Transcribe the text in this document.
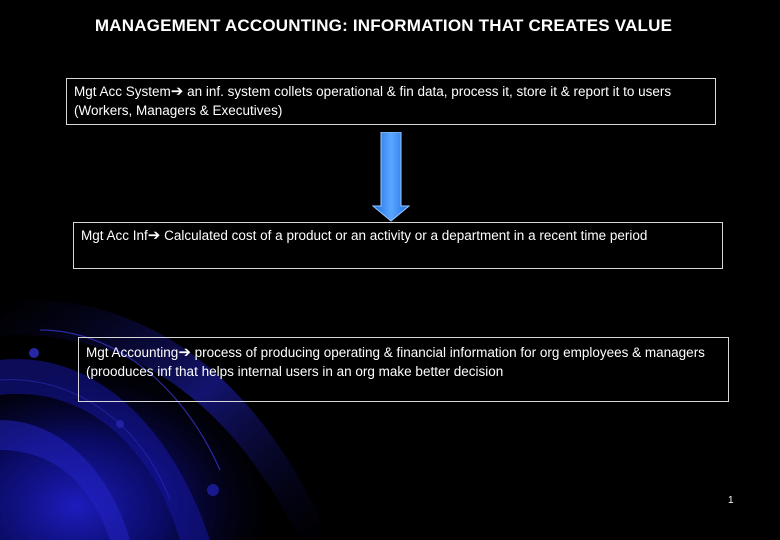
MANAGEMENT ACCOUNTING: INFORMATION THAT CREATES VALUE
Mgt Acc System➔ an inf. system collets operational & fin data, process it, store it & report it to users (Workers, Managers & Executives)
Mgt Acc Inf➔ Calculated cost of a product or an activity or a department in a recent time period
Mgt Accounting➔ process of producing operating & financial information for org employees & managers (prooduces inf that helps internal users in an org make better decision
1
